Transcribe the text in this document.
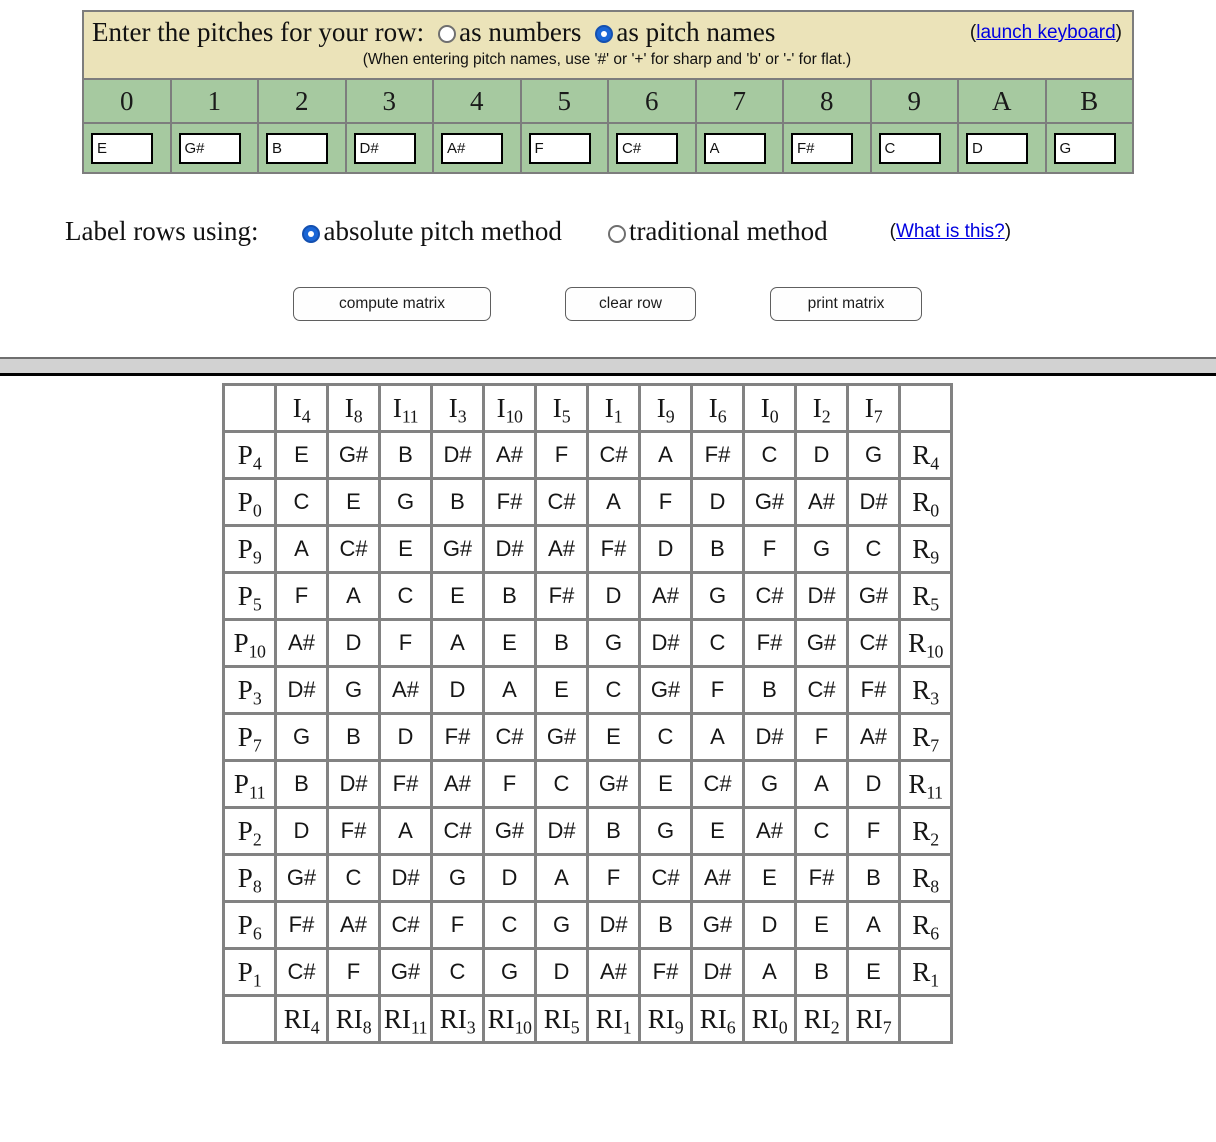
Enter the pitches for your row: as numbers as pitch names (launch keyboard)
(When entering pitch names, use '#' or '+' for sharp and 'b' or '-' for flat.)											

0	1	2	3	4	5	6	7	8	9	A	B
E	G#	B	D#	A#	F	C#	A	F#	C	D	G
Label rows using: absolute pitch method traditional method	(What is this?)
compute matrix	clear row	print matrix
	$I_4$	$I_8$	$I_{11}$	$I_3$	$I_{10}$	$I_5$	$I_1$	$I_9$	$I_6$	$I_0$	$I_2$	$I_7$	
$P_4$	E	G#	B	D#	A#	F	C#	A	F#	C	D	G	$R_4$
$P_0$	C	E	G	B	F#	C#	A	F	D	G#	A#	D#	$R_0$
$P_9$	A	C#	E	G#	D#	A#	F#	D	B	F	G	C	$R_9$
$P_5$	F	A	C	E	B	F#	D	A#	G	C#	D#	G#	$R_5$
$P_{10}$	A#	D	F	A	E	B	G	D#	C	F#	G#	C#	$R_{10}$
$P_3$	D#	G	A#	D	A	E	C	G#	F	B	C#	F#	$R_3$
$P_7$	G	B	D	F#	C#	G#	E	C	A	D#	F	A#	$R_7$
$P_{11}$	B	D#	F#	A#	F	C	G#	E	C#	G	A	D	$R_{11}$
$P_2$	D	F#	A	C#	G#	D#	B	G	E	A#	C	F	$R_2$
$P_8$	G#	C	D#	G	D	A	F	C#	A#	E	F#	B	$R_8$
$P_6$	F#	A#	C#	F	C	G	D#	B	G#	D	E	A	$R_6$
$P_1$	C#	F	G#	C	G	D	A#	F#	D#	A	B	E	$R_1$
	$RI_4$	$RI_8$	$RI_{11}$	$RI_3$	$RI_{10}$	$RI_5$	$RI_1$	$RI_9$	$RI_6$	$RI_0$	$RI_2$	$RI_7$	
